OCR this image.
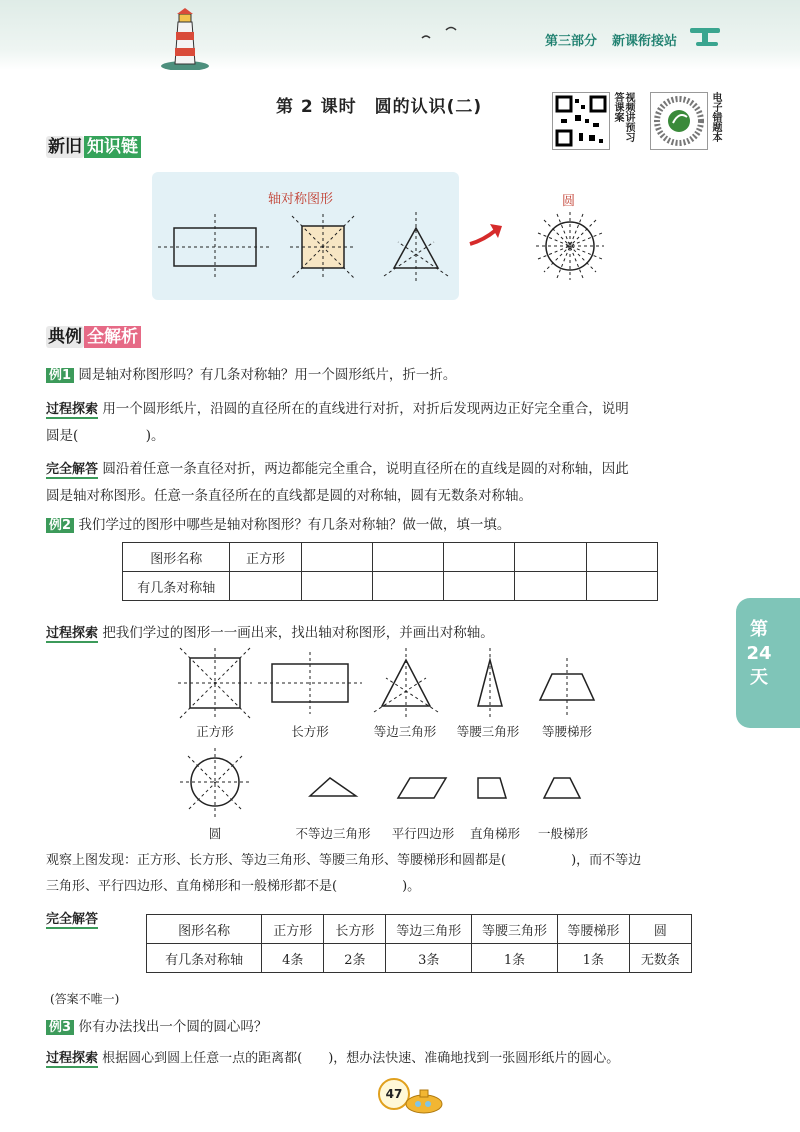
第三部分 新课衔接站
第 2 课时　圆的认识(二)	视频讲预习答课案	电子错题本
新旧 知识链
轴对称图形	圆
典例 全解析
例1 圆是轴对称图形吗？有几条对称轴？用一个圆形纸片，折一折。
过程探索 用一个圆形纸片，沿圆的直径所在的直线进行对折，对折后发现两边正好完全重合，说明
圆是(　　　　　)。
完全解答 圆沿着任意一条直径对折，两边都能完全重合，说明直径所在的直线是圆的对称轴，因此
圆是轴对称图形。任意一条直径所在的直线都是圆的对称轴，圆有无数条对称轴。
例2 我们学过的图形中哪些是轴对称图形？有几条对称轴？做一做，填一填。
图形名称	正方形					
有几条对称轴						
过程探索 把我们学过的图形一一画出来，找出轴对称图形，并画出对称轴。
正方形	长方形	等边三角形	等腰三角形	等腰梯形
圆	不等边三角形	平行四边形	直角梯形	一般梯形
观察上图发现：正方形、长方形、等边三角形、等腰三角形、等腰梯形和圆都是(　　　　　)，而不等边
三角形、平行四边形、直角梯形和一般梯形都不是(　　　　　)。
完全解答
图形名称	正方形	长方形	等边三角形	等腰三角形	等腰梯形	圆
有几条对称轴	4条	2条	3条	1条	1条	无数条
(答案不唯一)
例3 你有办法找出一个圆的圆心吗？
过程探索 根据圆心到圆上任意一点的距离都(　　)，想办法快速、准确地找到一张圆形纸片的圆心。
第
24
天
47
